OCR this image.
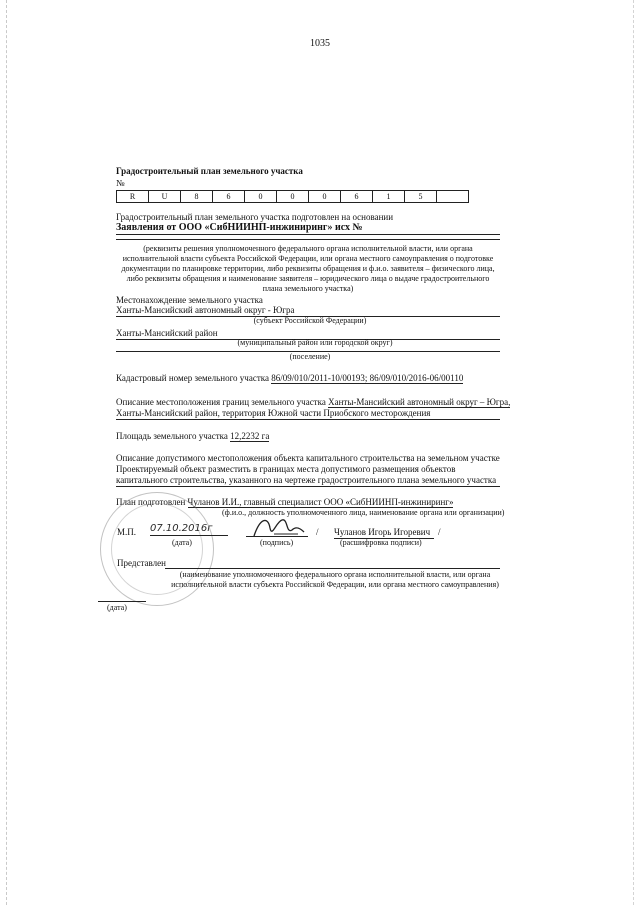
1035
Градостроительный план земельного участка
№
R	U	8	6	0	0	0	6	1	5
Градостроительный план земельного участка подготовлен на основании
Заявления от ООО «СибНИИНП-инжиниринг» исх №
(реквизиты решения уполномоченного федерального органа исполнительной власти, или органа исполнительной власти субъекта Российской Федерации, или органа местного самоуправления о подготовке документации по планировке территории, либо реквизиты обращения и ф.и.о. заявителя – физического лица, либо реквизиты обращения и наименование заявителя – юридического лица о выдаче градостроительного плана земельного участка)
Местонахождение земельного участка
Ханты-Мансийский автономный округ - Югра
(субъект Российской Федерации)
Ханты-Мансийский район
(муниципальный район или городской округ)
(поселение)
Кадастровый номер земельного участка 86/09/010/2011-10/00193; 86/09/010/2016-06/00110
Описание местоположения границ земельного участка Ханты-Мансийский автономный округ – Югра,
Ханты-Мансийский район, территория Южной части Приобского месторождения
Площадь земельного участка 12,2232 га
Описание допустимого местоположения объекта капитального строительства на земельном участке
Проектируемый объект разместить в границах места допустимого размещения объектов капитального строительства, указанного на чертеже градостроительного плана земельного участка
План подготовлен Чуланов И.И., главный специалист ООО «СибНИИНП-инжиниринг»
(ф.и.о., должность уполномоченного лица, наименование органа или организации)
М.П. 07.10.2016г
(дата)	(подпись)
/ Чуланов Игорь Игоревич /
(расшифровка подписи)
Представлен
(наименование уполномоченного федерального органа исполнительной власти, или органа исполнительной власти субъекта Российской Федерации, или органа местного самоуправления)
(дата)
